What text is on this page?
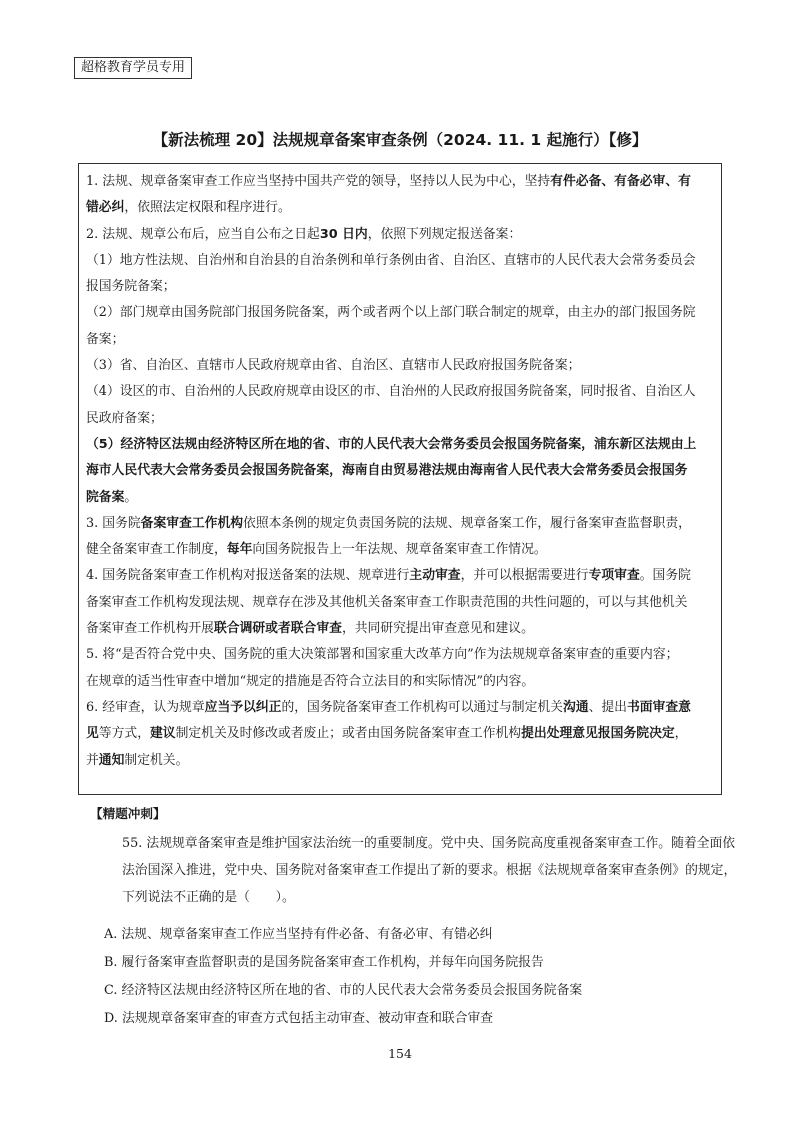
超格教育学员专用
【新法梳理 20】法规规章备案审查条例（2024. 11. 1 起施行）【修】

1. 法规、规章备案审查工作应当坚持中国共产党的领导，坚持以人民为中心，坚持有件必备、有备必审、有

错必纠，依照法定权限和程序进行。

2. 法规、规章公布后，应当自公布之日起30 日内，依照下列规定报送备案：

（1）地方性法规、自治州和自治县的自治条例和单行条例由省、自治区、直辖市的人民代表大会常务委员会

报国务院备案；

（2）部门规章由国务院部门报国务院备案，两个或者两个以上部门联合制定的规章，由主办的部门报国务院

备案；

（3）省、自治区、直辖市人民政府规章由省、自治区、直辖市人民政府报国务院备案；

（4）设区的市、自治州的人民政府规章由设区的市、自治州的人民政府报国务院备案，同时报省、自治区人

民政府备案；

（5）经济特区法规由经济特区所在地的省、市的人民代表大会常务委员会报国务院备案，浦东新区法规由上

海市人民代表大会常务委员会报国务院备案，海南自由贸易港法规由海南省人民代表大会常务委员会报国务

院备案。

3. 国务院备案审查工作机构依照本条例的规定负责国务院的法规、规章备案工作，履行备案审查监督职责，

健全备案审查工作制度，每年向国务院报告上一年法规、规章备案审查工作情况。

4. 国务院备案审查工作机构对报送备案的法规、规章进行主动审查，并可以根据需要进行专项审查。国务院

备案审查工作机构发现法规、规章存在涉及其他机关备案审查工作职责范围的共性问题的，可以与其他机关

备案审查工作机构开展联合调研或者联合审查，共同研究提出审查意见和建议。

5. 将“是否符合党中央、国务院的重大决策部署和国家重大改革方向”作为法规规章备案审查的重要内容；

在规章的适当性审查中增加“规定的措施是否符合立法目的和实际情况”的内容。

6. 经审查，认为规章应当予以纠正的，国务院备案审查工作机构可以通过与制定机关沟通、提出书面审查意

见等方式，建议制定机关及时修改或者废止；或者由国务院备案审查工作机构提出处理意见报国务院决定，

并通知制定机关。

【精题冲刺】

55. 法规规章备案审查是维护国家法治统一的重要制度。党中央、国务院高度重视备案审查工作。随着全面依法治国深入推进，党中央、国务院对备案审查工作提出了新的要求。根据《法规规章备案审查条例》的规定，下列说法不正确的是（　　）。

A. 法规、规章备案审查工作应当坚持有件必备、有备必审、有错必纠
B. 履行备案审查监督职责的是国务院备案审查工作机构，并每年向国务院报告
C. 经济特区法规由经济特区所在地的省、市的人民代表大会常务委员会报国务院备案
D. 法规规章备案审查的审查方式包括主动审查、被动审查和联合审查
154
